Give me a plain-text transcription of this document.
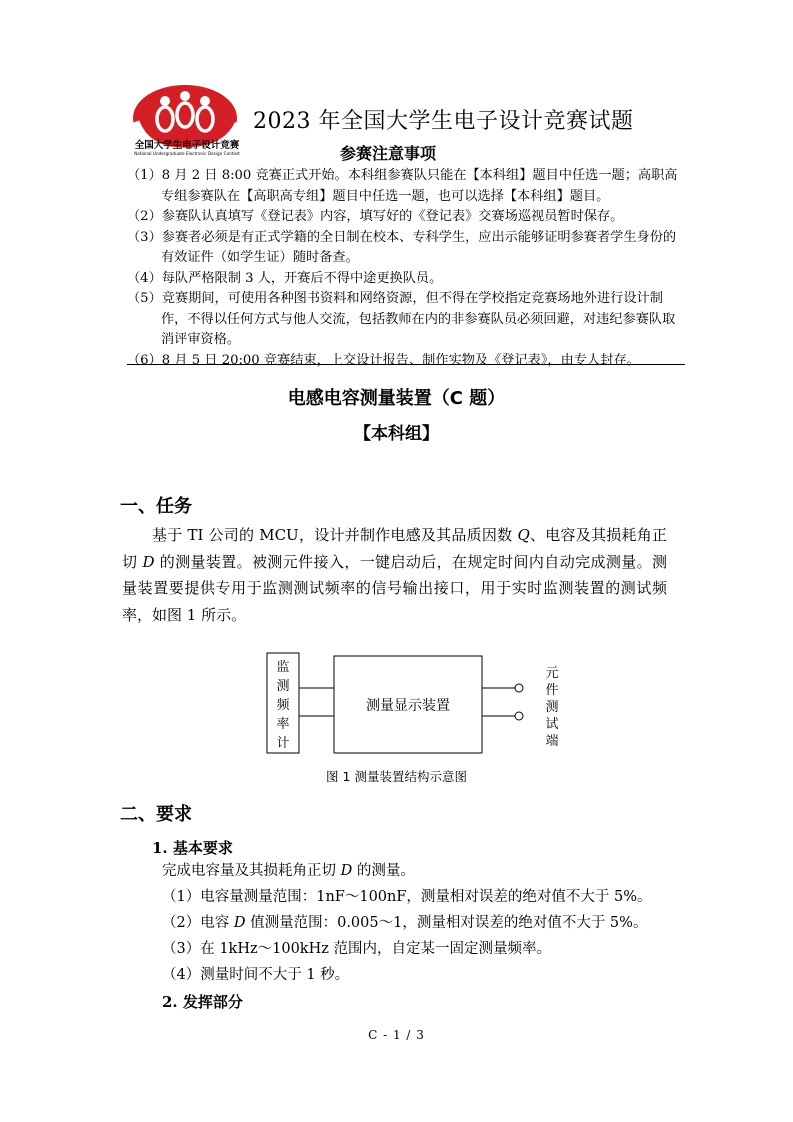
全国大学生电子设计竞赛
National Undergraduate Electronic Design Contest
2023 年全国大学生电子设计竞赛试题
参赛注意事项
（1）8 月 2 日 8:00 竞赛正式开始。本科组参赛队只能在【本科组】题目中任选一题；高职高专组参赛队在【高职高专组】题目中任选一题，也可以选择【本科组】题目。
（2）参赛队认真填写《登记表》内容，填写好的《登记表》交赛场巡视员暂时保存。
（3）参赛者必须是有正式学籍的全日制在校本、专科学生，应出示能够证明参赛者学生身份的有效证件（如学生证）随时备查。
（4）每队严格限制 3 人，开赛后不得中途更换队员。
（5）竞赛期间，可使用各种图书资料和网络资源，但不得在学校指定竞赛场地外进行设计制作，不得以任何方式与他人交流，包括教师在内的非参赛队员必须回避，对违纪参赛队取消评审资格。
（6）8 月 5 日 20:00 竞赛结束，上交设计报告、制作实物及《登记表》，由专人封存。
电感电容测量装置（C 题）
【本科组】
一、任务
基于 TI 公司的 MCU，设计并制作电感及其品质因数 Q、电容及其损耗角正切 D 的测量装置。被测元件接入，一键启动后，在规定时间内自动完成测量。测量装置要提供专用于监测测试频率的信号输出接口，用于实时监测装置的测试频率，如图 1 所示。
监
测
频
率
计
测量显示装置
元
件
测
试
端
图 1 测量装置结构示意图
二、要求
1. 基本要求
完成电容量及其损耗角正切 D 的测量。
（1）电容量测量范围：1nF～100nF，测量相对误差的绝对值不大于 5%。
（2）电容 D 值测量范围：0.005～1，测量相对误差的绝对值不大于 5%。
（3）在 1kHz～100kHz 范围内，自定某一固定测量频率。
（4）测量时间不大于 1 秒。
2. 发挥部分
C - 1 / 3
